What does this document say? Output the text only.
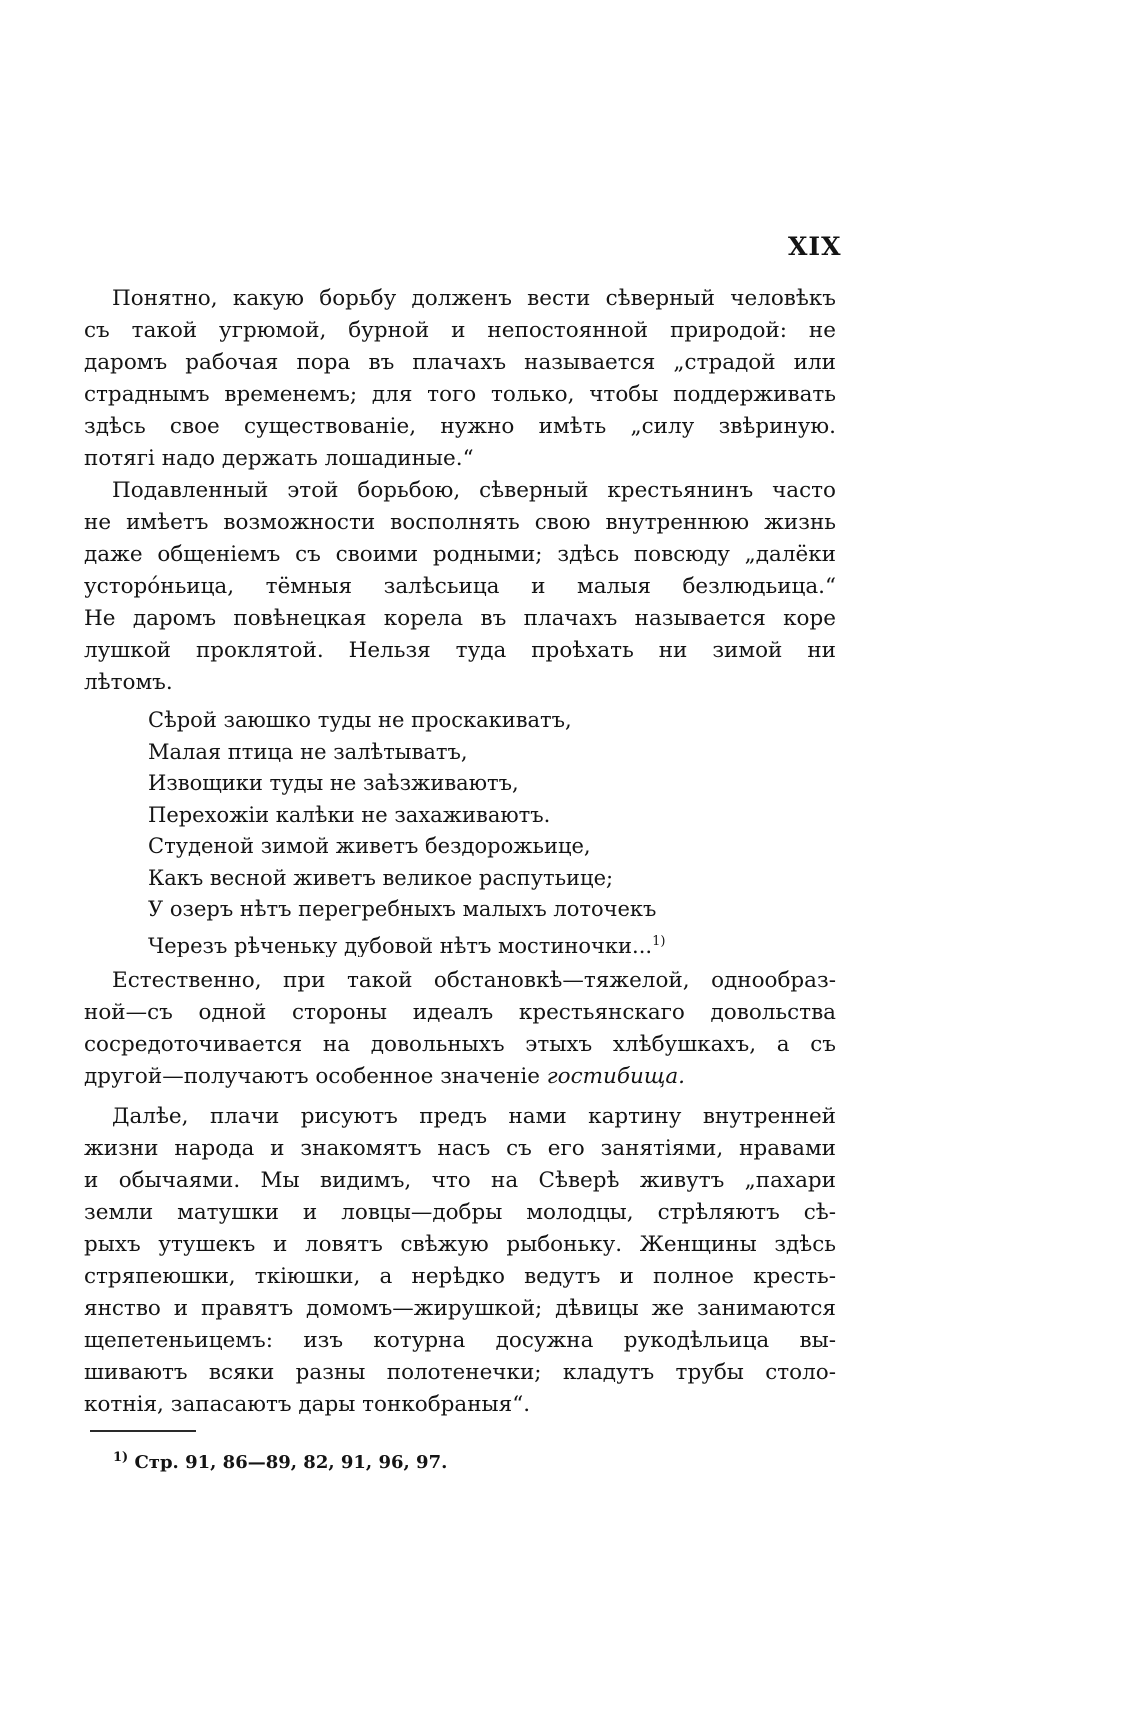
XIX
Понятно, какую борьбу долженъ вести сѣверный человѣкъ
съ такой угрюмой, бурной и непостоянной природой: не
даромъ рабочая пора въ плачахъ называется „страдой или
страднымъ временемъ; для того только, чтобы поддерживать
здѣсь свое существованіе, нужно имѣть „силу звѣриную.
потягі надо держать лошадиные.“
Подавленный этой борьбою, сѣверный крестьянинъ часто
не имѣетъ возможности восполнять свою внутреннюю жизнь
даже общеніемъ съ своими родными; здѣсь повсюду „далёки
усторо́ньица, тёмныя залѣсьица и малыя безлюдьица.“
Не даромъ повѣнецкая корела въ плачахъ называется коре
лушкой проклятой. Нельзя туда проѣхать ни зимой ни
лѣтомъ.
Сѣрой заюшко туды не проскакиватъ,
Малая птица не залѣтыватъ,
Извощики туды не заѣзживаютъ,
Перехожіи калѣки не захаживаютъ.
Студеной зимой живетъ бездорожьице,
Какъ весной живетъ великое распутьице;
У озеръ нѣтъ перегребныхъ малыхъ лоточекъ
Черезъ рѣченьку дубовой нѣтъ мостиночки...$^{1)}$
Естественно, при такой обстановкѣ—тяжелой, однообраз-
ной—съ одной стороны идеалъ крестьянскаго довольства
сосредоточивается на довольныхъ этыхъ хлѣбушкахъ, а съ
другой—получаютъ особенное значеніе гостибища.
Далѣе, плачи рисуютъ предъ нами картину внутренней
жизни народа и знакомятъ насъ съ его занятіями, нравами
и обычаями. Мы видимъ, что на Сѣверѣ живутъ „пахари
земли матушки и ловцы—добры молодцы, стрѣляютъ сѣ-
рыхъ утушекъ и ловятъ свѣжую рыбоньку. Женщины здѣсь
стряпеюшки, ткіюшки, а нерѣдко ведутъ и полное кресть-
янство и правятъ домомъ—жирушкой; дѣвицы же занимаются
щепетеньицемъ: изъ котурна досужна рукодѣльица вы-
шиваютъ всяки разны полотенечки; кладутъ трубы столо-
котнія, запасаютъ дары тонкобраныя“.
$^{1)}$ Стр. 91, 86—89, 82, 91, 96, 97.
